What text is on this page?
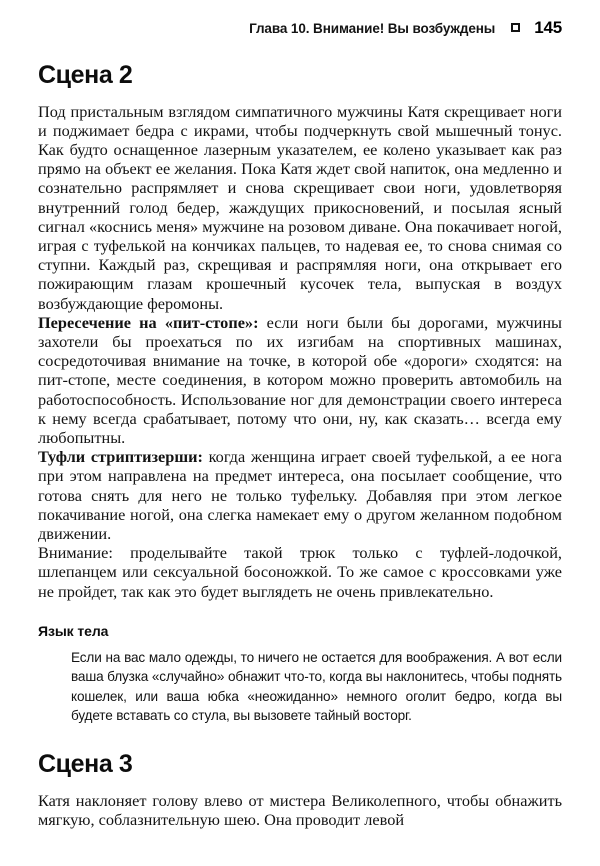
Глава 10. Внимание! Вы возбуждены 145
Сцена 2

Под пристальным взглядом симпатичного мужчины Катя скрещивает ноги и поджимает бедра с икрами, чтобы подчеркнуть свой мышечный тонус. Как будто оснащенное лазерным указателем, ее колено указывает как раз прямо на объект ее желания. Пока Катя ждет свой напиток, она медленно и сознательно распрямляет и снова скрещивает свои ноги, удовлетворяя внутренний голод бедер, жаждущих прикосновений, и посылая ясный сигнал «коснись меня» мужчине на розовом диване. Она покачивает ногой, играя с туфелькой на кончиках пальцев, то надевая ее, то снова снимая со ступни. Каждый раз, скрещивая и распрямляя ноги, она открывает его пожирающим глазам крошечный кусочек тела, выпуская в воздух возбуждающие феромоны.

Пересечение на «пит-стопе»: если ноги были бы дорогами, мужчины захотели бы проехаться по их изгибам на спортивных машинах, сосредоточивая внимание на точке, в которой обе «дороги» сходятся: на пит-стопе, месте соединения, в котором можно проверить автомобиль на работоспособность. Использование ног для демонстрации своего интереса к нему всегда срабатывает, потому что они, ну, как сказать… всегда ему любопытны.

Туфли стриптизерши: когда женщина играет своей туфелькой, а ее нога при этом направлена на предмет интереса, она посылает сообщение, что готова снять для него не только туфельку. Добавляя при этом легкое покачивание ногой, она слегка намекает ему о другом желанном подобном движении.

Внимание: проделывайте такой трюк только с туфлей-лодочкой, шлепанцем или сексуальной босоножкой. То же самое с кроссовками уже не пройдет, так как это будет выглядеть не очень привлекательно.

Язык тела

Если на вас мало одежды, то ничего не остается для воображения. А вот если ваша блузка «случайно» обнажит что-то, когда вы наклонитесь, чтобы поднять кошелек, или ваша юбка «неожиданно» немного оголит бедро, когда вы будете вставать со стула, вы вызовете тайный восторг.

Сцена 3

Катя наклоняет голову влево от мистера Великолепного, чтобы обнажить мягкую, соблазнительную шею. Она проводит левой
